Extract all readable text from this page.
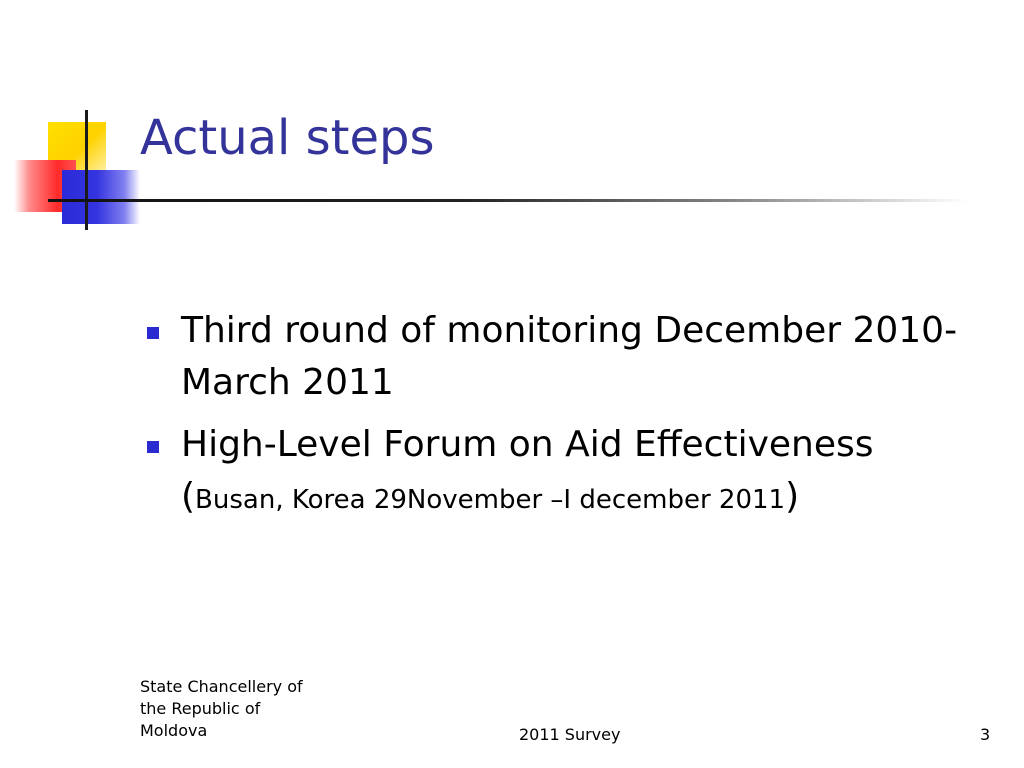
Actual steps
Third round of monitoring December 2010-March 2011
High-Level Forum on Aid Effectiveness
(Busan, Korea 29November –I december 2011)
State Chancellery of
the Republic of
Moldova	2011 Survey	3
